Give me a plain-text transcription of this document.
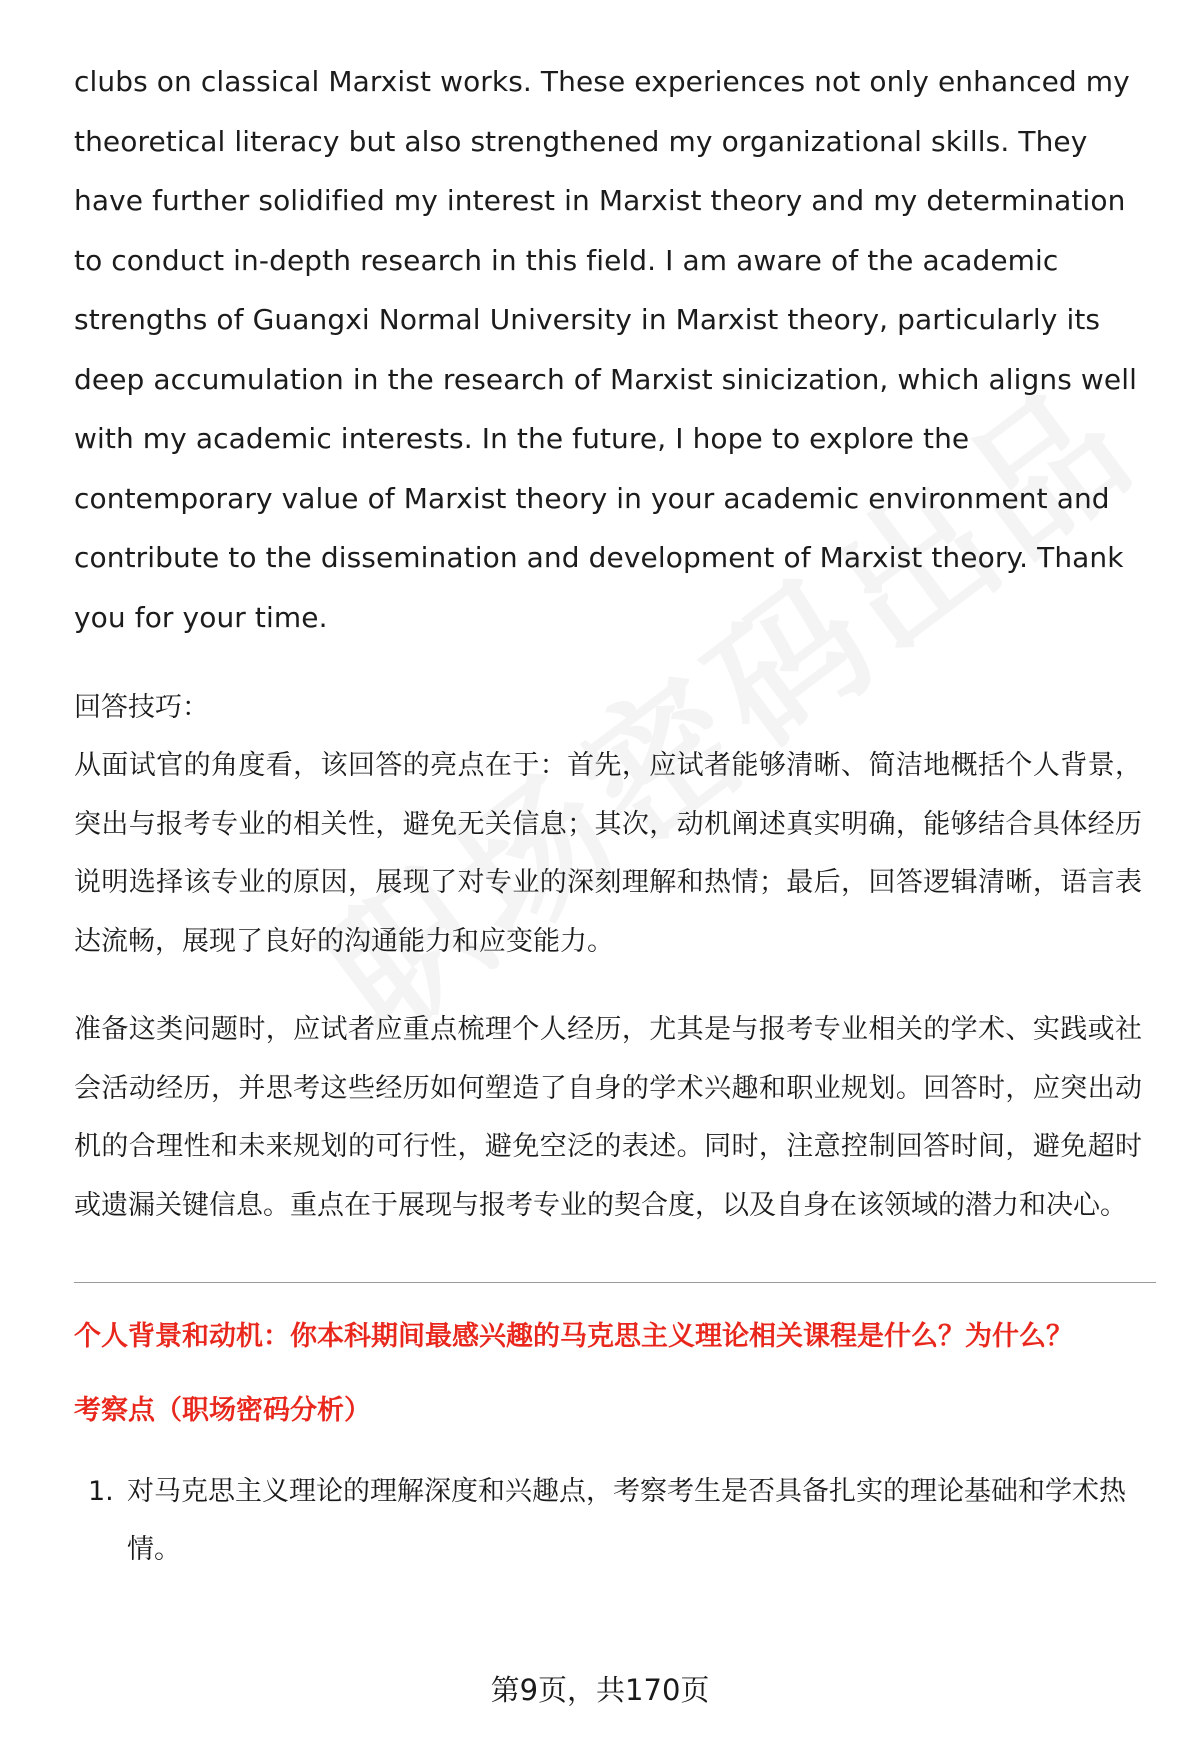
clubs on classical Marxist works. These experiences not only enhanced my theoretical literacy but also strengthened my organizational skills. They have further solidified my interest in Marxist theory and my determination to conduct in-depth research in this field. I am aware of the academic strengths of Guangxi Normal University in Marxist theory, particularly its deep accumulation in the research of Marxist sinicization, which aligns well with my academic interests. In the future, I hope to explore the contemporary value of Marxist theory in your academic environment and contribute to the dissemination and development of Marxist theory. Thank you for your time.

回答技巧：

从面试官的角度看，该回答的亮点在于：首先，应试者能够清晰、简洁地概括个人背景，突出与报考专业的相关性，避免无关信息；其次，动机阐述真实明确，能够结合具体经历说明选择该专业的原因，展现了对专业的深刻理解和热情；最后，回答逻辑清晰，语言表达流畅，展现了良好的沟通能力和应变能力。

准备这类问题时，应试者应重点梳理个人经历，尤其是与报考专业相关的学术、实践或社会活动经历，并思考这些经历如何塑造了自身的学术兴趣和职业规划。回答时，应突出动机的合理性和未来规划的可行性，避免空泛的表述。同时，注意控制回答时间，避免超时或遗漏关键信息。重点在于展现与报考专业的契合度，以及自身在该领域的潜力和决心。

个人背景和动机：你本科期间最感兴趣的马克思主义理论相关课程是什么？为什么？

考察点（职场密码分析）

1. 对马克思主义理论的理解深度和兴趣点，考察考生是否具备扎实的理论基础和学术热情。
第9页，共170页
